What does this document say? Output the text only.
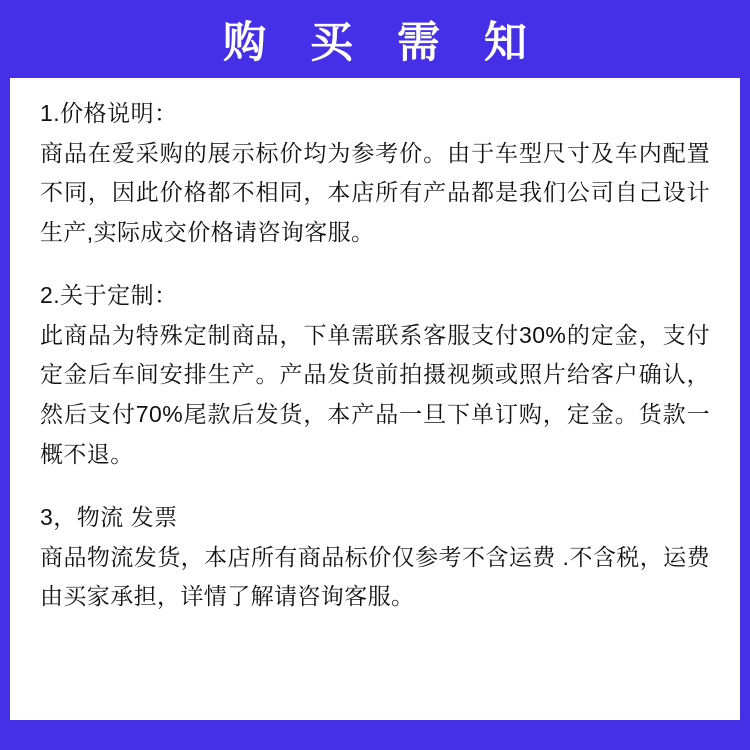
购 买 需 知
1.价格说明：
商品在爱采购的展示标价均为参考价。由于车型尺寸及车内配置不同，因此价格都不相同，本店所有产品都是我们公司自己设计生产,实际成交价格请咨询客服。
2.关于定制：
此商品为特殊定制商品，下单需联系客服支付30%的定金，支付定金后车间安排生产。产品发货前拍摄视频或照片给客户确认，然后支付70%尾款后发货，本产品一旦下单订购，定金。货款一概不退。
3，物流 发票
商品物流发货，本店所有商品标价仅参考不含运费 .不含税，运费由买家承担，详情了解请咨询客服。
